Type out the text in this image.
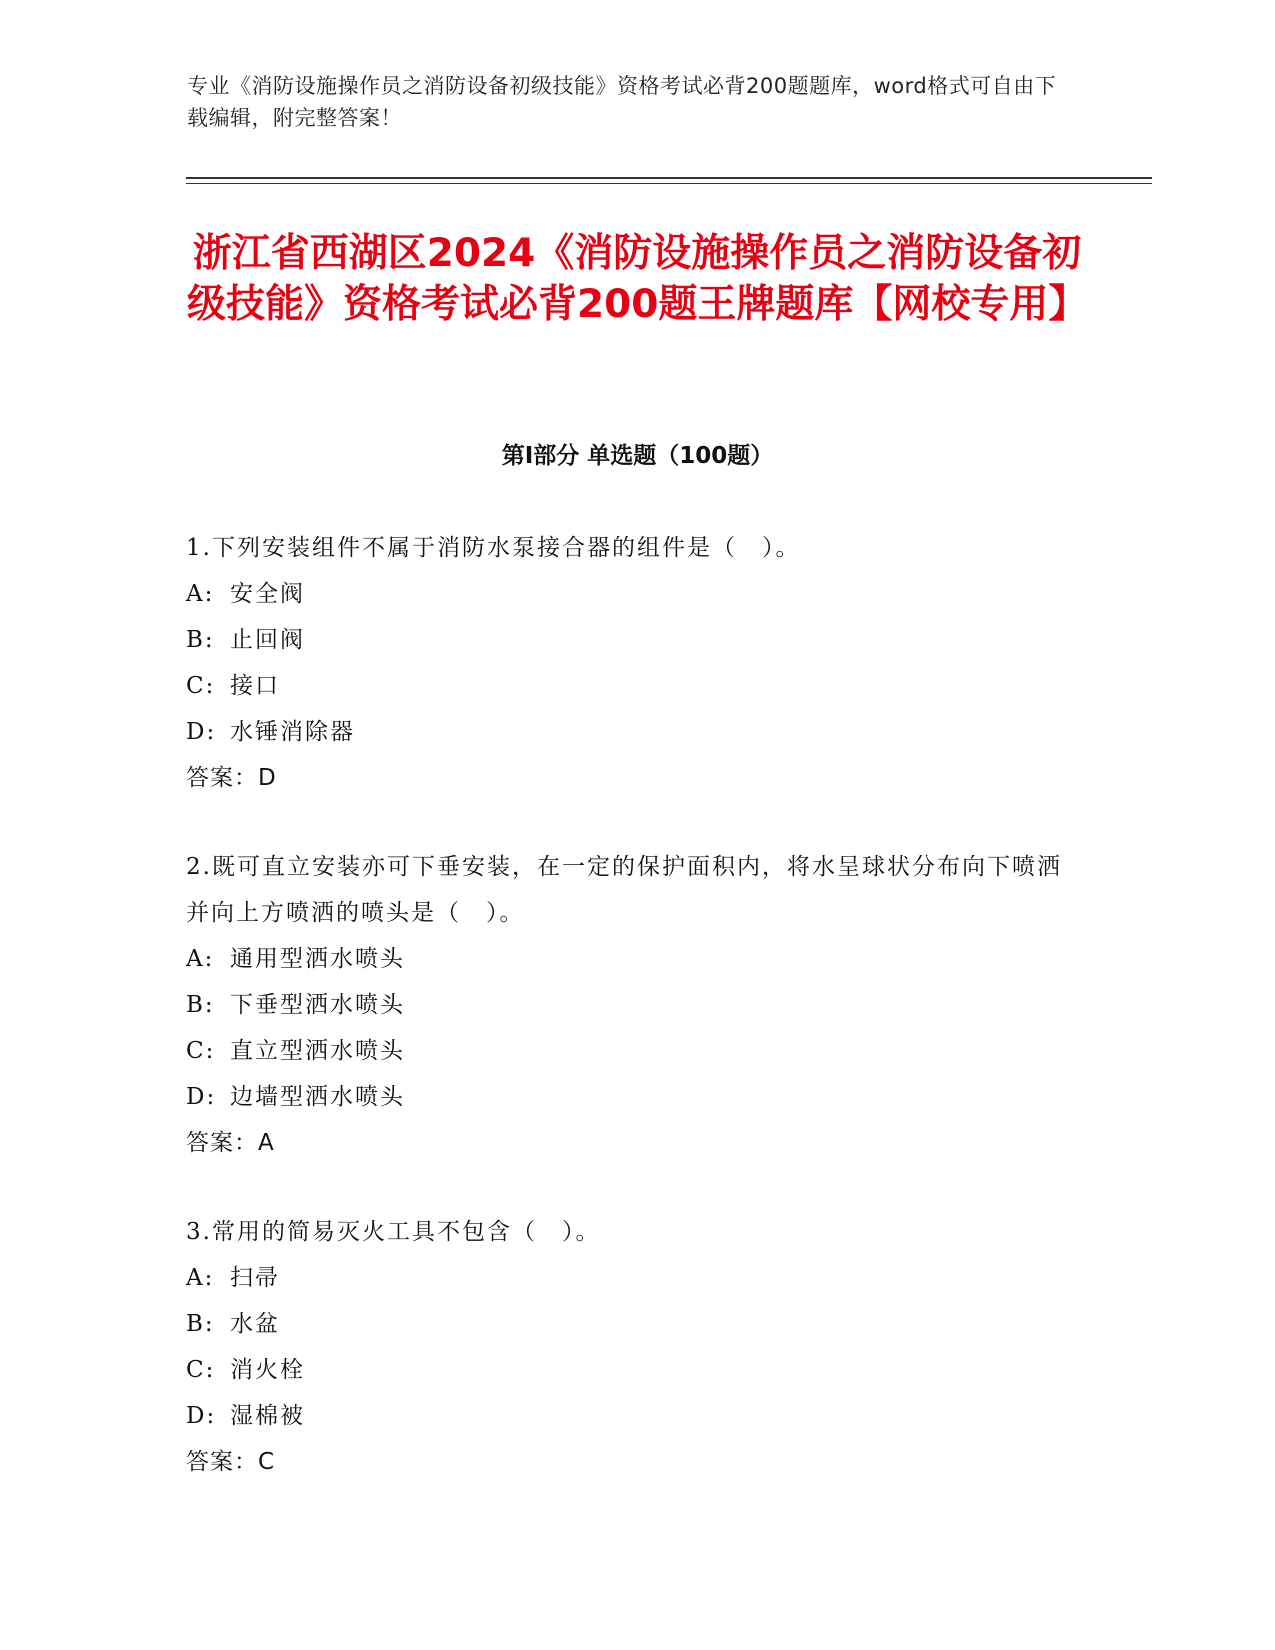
专业《消防设施操作员之消防设备初级技能》资格考试必背200题题库，word格式可自由下载编辑，附完整答案！
浙江省西湖区2024《消防设施操作员之消防设备初级技能》资格考试必背200题王牌题库【网校专用】
第Ⅰ部分 单选题（100题）

1.下列安装组件不属于消防水泵接合器的组件是（　）。

A: 安全阀

B: 止回阀

C: 接口

D: 水锤消除器

答案：D

2.既可直立安装亦可下垂安装，在一定的保护面积内，将水呈球状分布向下喷洒并向上方喷洒的喷头是（　）。

A: 通用型洒水喷头

B: 下垂型洒水喷头

C: 直立型洒水喷头

D: 边墙型洒水喷头

答案：A

3.常用的简易灭火工具不包含（　）。

A: 扫帚

B: 水盆

C: 消火栓

D: 湿棉被

答案：C
